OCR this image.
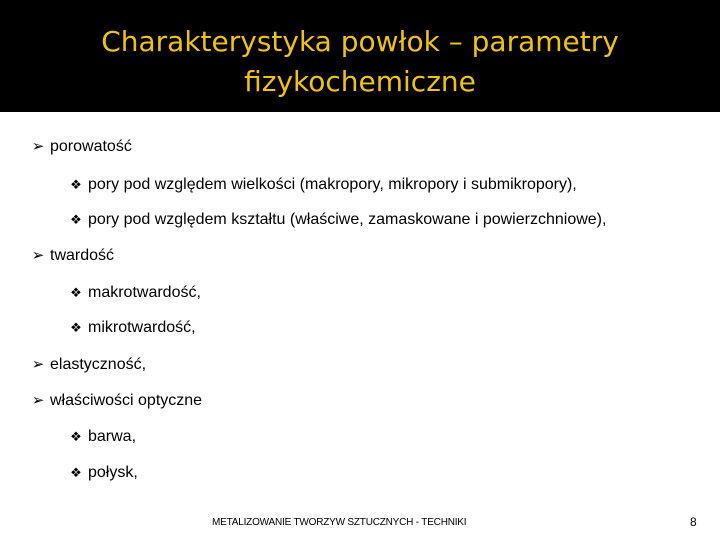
Charakterystyka powłok – parametry fizykochemiczne
➢ porowatość
❖ pory pod względem wielkości (makropory, mikropory i submikropory),
❖ pory pod względem kształtu (właściwe, zamaskowane i powierzchniowe),
➢ twardość
❖ makrotwardość,
❖ mikrotwardość,
➢ elastyczność,
➢ właściwości optyczne
❖ barwa,
❖ połysk,
METALIZOWANIE TWORZYW SZTUCZNYCH - TECHNIKI	8
